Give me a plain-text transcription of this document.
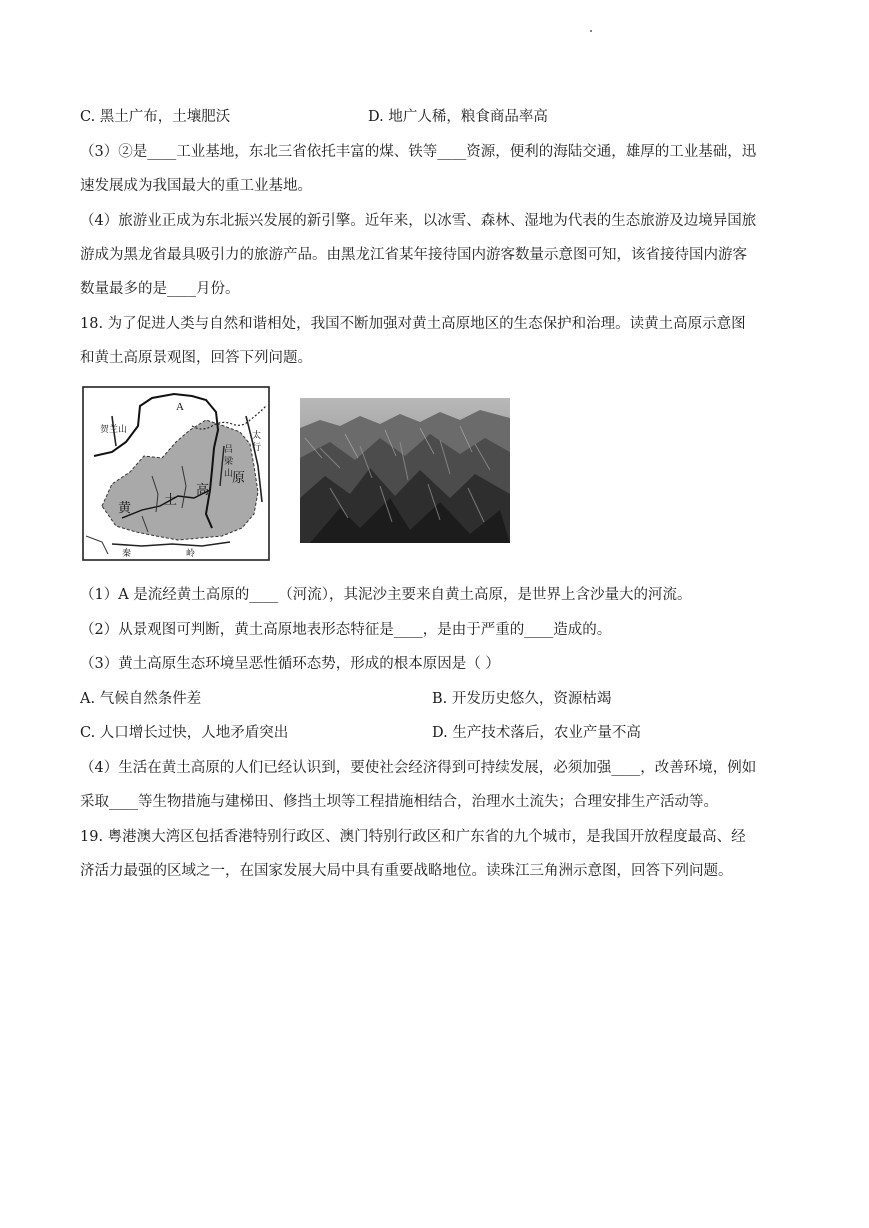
C. 黑土广布，土壤肥沃	D. 地广人稀，粮食商品率高
（3）②是____工业基地，东北三省依托丰富的煤、铁等____资源，便利的海陆交通，雄厚的工业基础，迅
速发展成为我国最大的重工业基地。
（4）旅游业正成为东北振兴发展的新引擎。近年来，以冰雪、森林、湿地为代表的生态旅游及边境异国旅
游成为黑龙省最具吸引力的旅游产品。由黑龙江省某年接待国内游客数量示意图可知，该省接待国内游客
数量最多的是____月份。
18. 为了促进人类与自然和谐相处，我国不断加强对黄土高原地区的生态保护和治理。读黄土高原示意图
和黄土高原景观图，回答下列问题。
A
贺兰山
黄
土
高
原
吕
梁
山
太
行
秦	岭
（1）A 是流经黄土高原的____（河流），其泥沙主要来自黄土高原，是世界上含沙量大的河流。
（2）从景观图可判断，黄土高原地表形态特征是____，是由于严重的____造成的。
（3）黄土高原生态环境呈恶性循环态势，形成的根本原因是（ ）
A. 气候自然条件差	B. 开发历史悠久，资源枯竭
C. 人口增长过快，人地矛盾突出	D. 生产技术落后，农业产量不高
（4）生活在黄土高原的人们已经认识到，要使社会经济得到可持续发展，必须加强____，改善环境，例如
采取____等生物措施与建梯田、修挡土坝等工程措施相结合，治理水土流失；合理安排生产活动等。
19. 粤港澳大湾区包括香港特别行政区、澳门特别行政区和广东省的九个城市，是我国开放程度最高、经
济活力最强的区域之一，在国家发展大局中具有重要战略地位。读珠江三角洲示意图，回答下列问题。
